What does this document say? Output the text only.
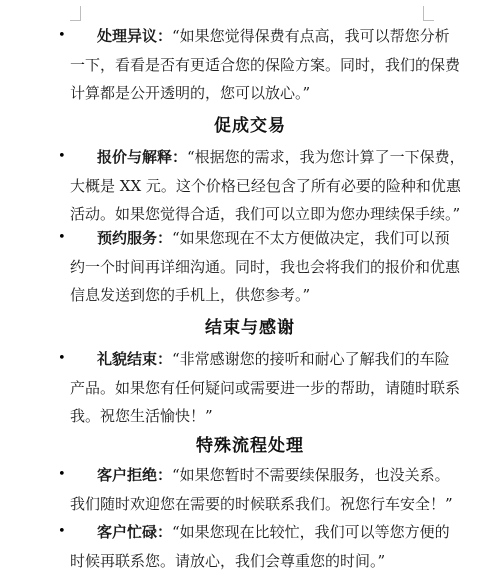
•	处理异议：“如果您觉得保费有点高，我可以帮您分析
一下，看看是否有更适合您的保险方案。同时，我们的保费
计算都是公开透明的，您可以放心。”
促成交易
•	报价与解释：“根据您的需求，我为您计算了一下保费，
大概是 XX 元。这个价格已经包含了所有必要的险种和优惠
活动。如果您觉得合适，我们可以立即为您办理续保手续。”
•	预约服务：“如果您现在不太方便做决定，我们可以预
约一个时间再详细沟通。同时，我也会将我们的报价和优惠
信息发送到您的手机上，供您参考。”
结束与感谢
•	礼貌结束：“非常感谢您的接听和耐心了解我们的车险
产品。如果您有任何疑问或需要进一步的帮助，请随时联系
我。祝您生活愉快！”
特殊流程处理
•	客户拒绝：“如果您暂时不需要续保服务，也没关系。
我们随时欢迎您在需要的时候联系我们。祝您行车安全！”
•	客户忙碌：“如果您现在比较忙，我们可以等您方便的
时候再联系您。请放心，我们会尊重您的时间。”
